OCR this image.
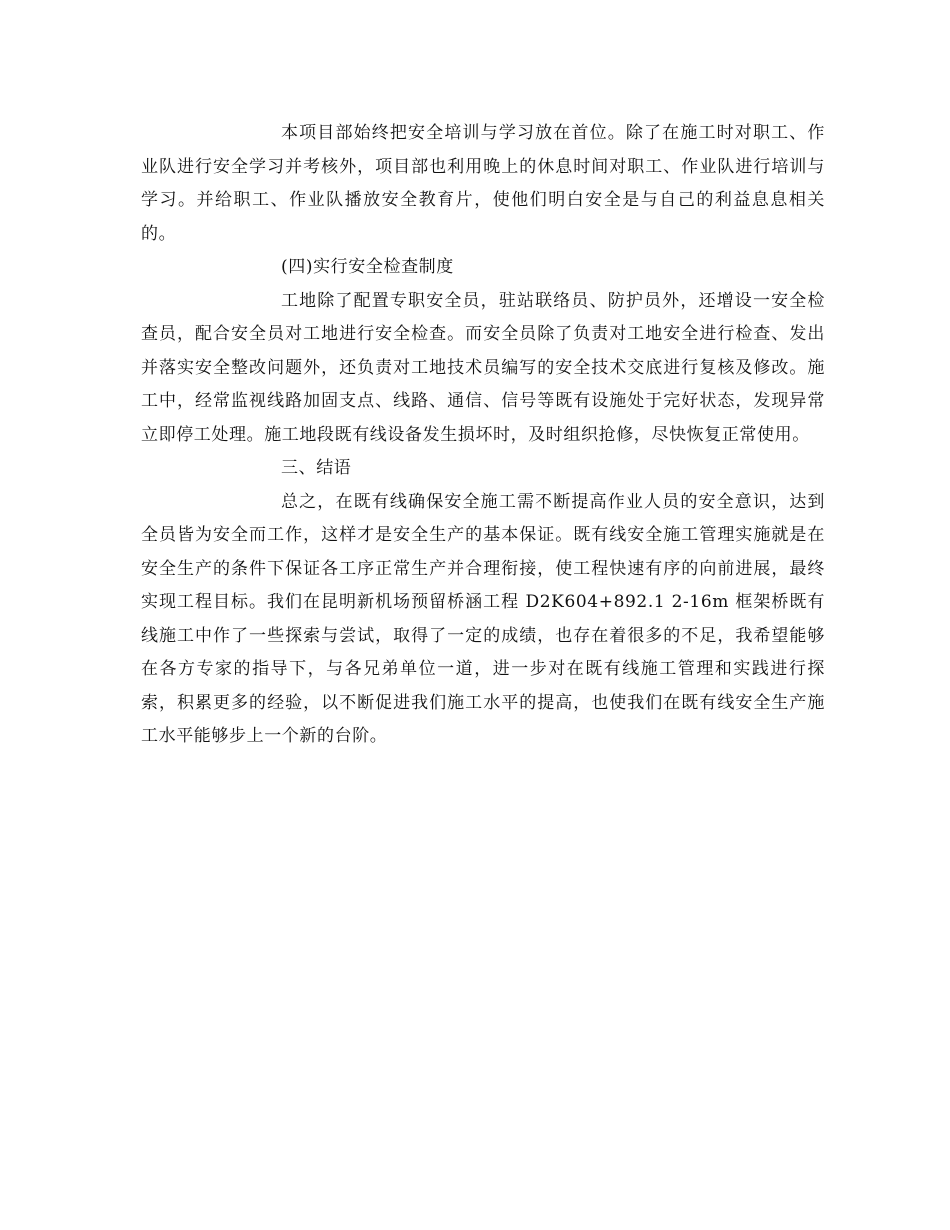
本项目部始终把安全培训与学习放在首位。除了在施工时对职工、作业队进行安全学习并考核外，项目部也利用晚上的休息时间对职工、作业队进行培训与学习。并给职工、作业队播放安全教育片，使他们明白安全是与自己的利益息息相关的。

(四)实行安全检查制度

工地除了配置专职安全员，驻站联络员、防护员外，还增设一安全检查员，配合安全员对工地进行安全检查。而安全员除了负责对工地安全进行检查、发出并落实安全整改问题外，还负责对工地技术员编写的安全技术交底进行复核及修改。施工中，经常监视线路加固支点、线路、通信、信号等既有设施处于完好状态，发现异常立即停工处理。施工地段既有线设备发生损坏时，及时组织抢修，尽快恢复正常使用。

三、结语

总之，在既有线确保安全施工需不断提高作业人员的安全意识，达到全员皆为安全而工作，这样才是安全生产的基本保证。既有线安全施工管理实施就是在安全生产的条件下保证各工序正常生产并合理衔接，使工程快速有序的向前进展，最终实现工程目标。我们在昆明新机场预留桥涵工程 D2K604+892.1 2-16m 框架桥既有线施工中作了一些探索与尝试，取得了一定的成绩，也存在着很多的不足，我希望能够在各方专家的指导下，与各兄弟单位一道，进一步对在既有线施工管理和实践进行探索，积累更多的经验，以不断促进我们施工水平的提高，也使我们在既有线安全生产施工水平能够步上一个新的台阶。
